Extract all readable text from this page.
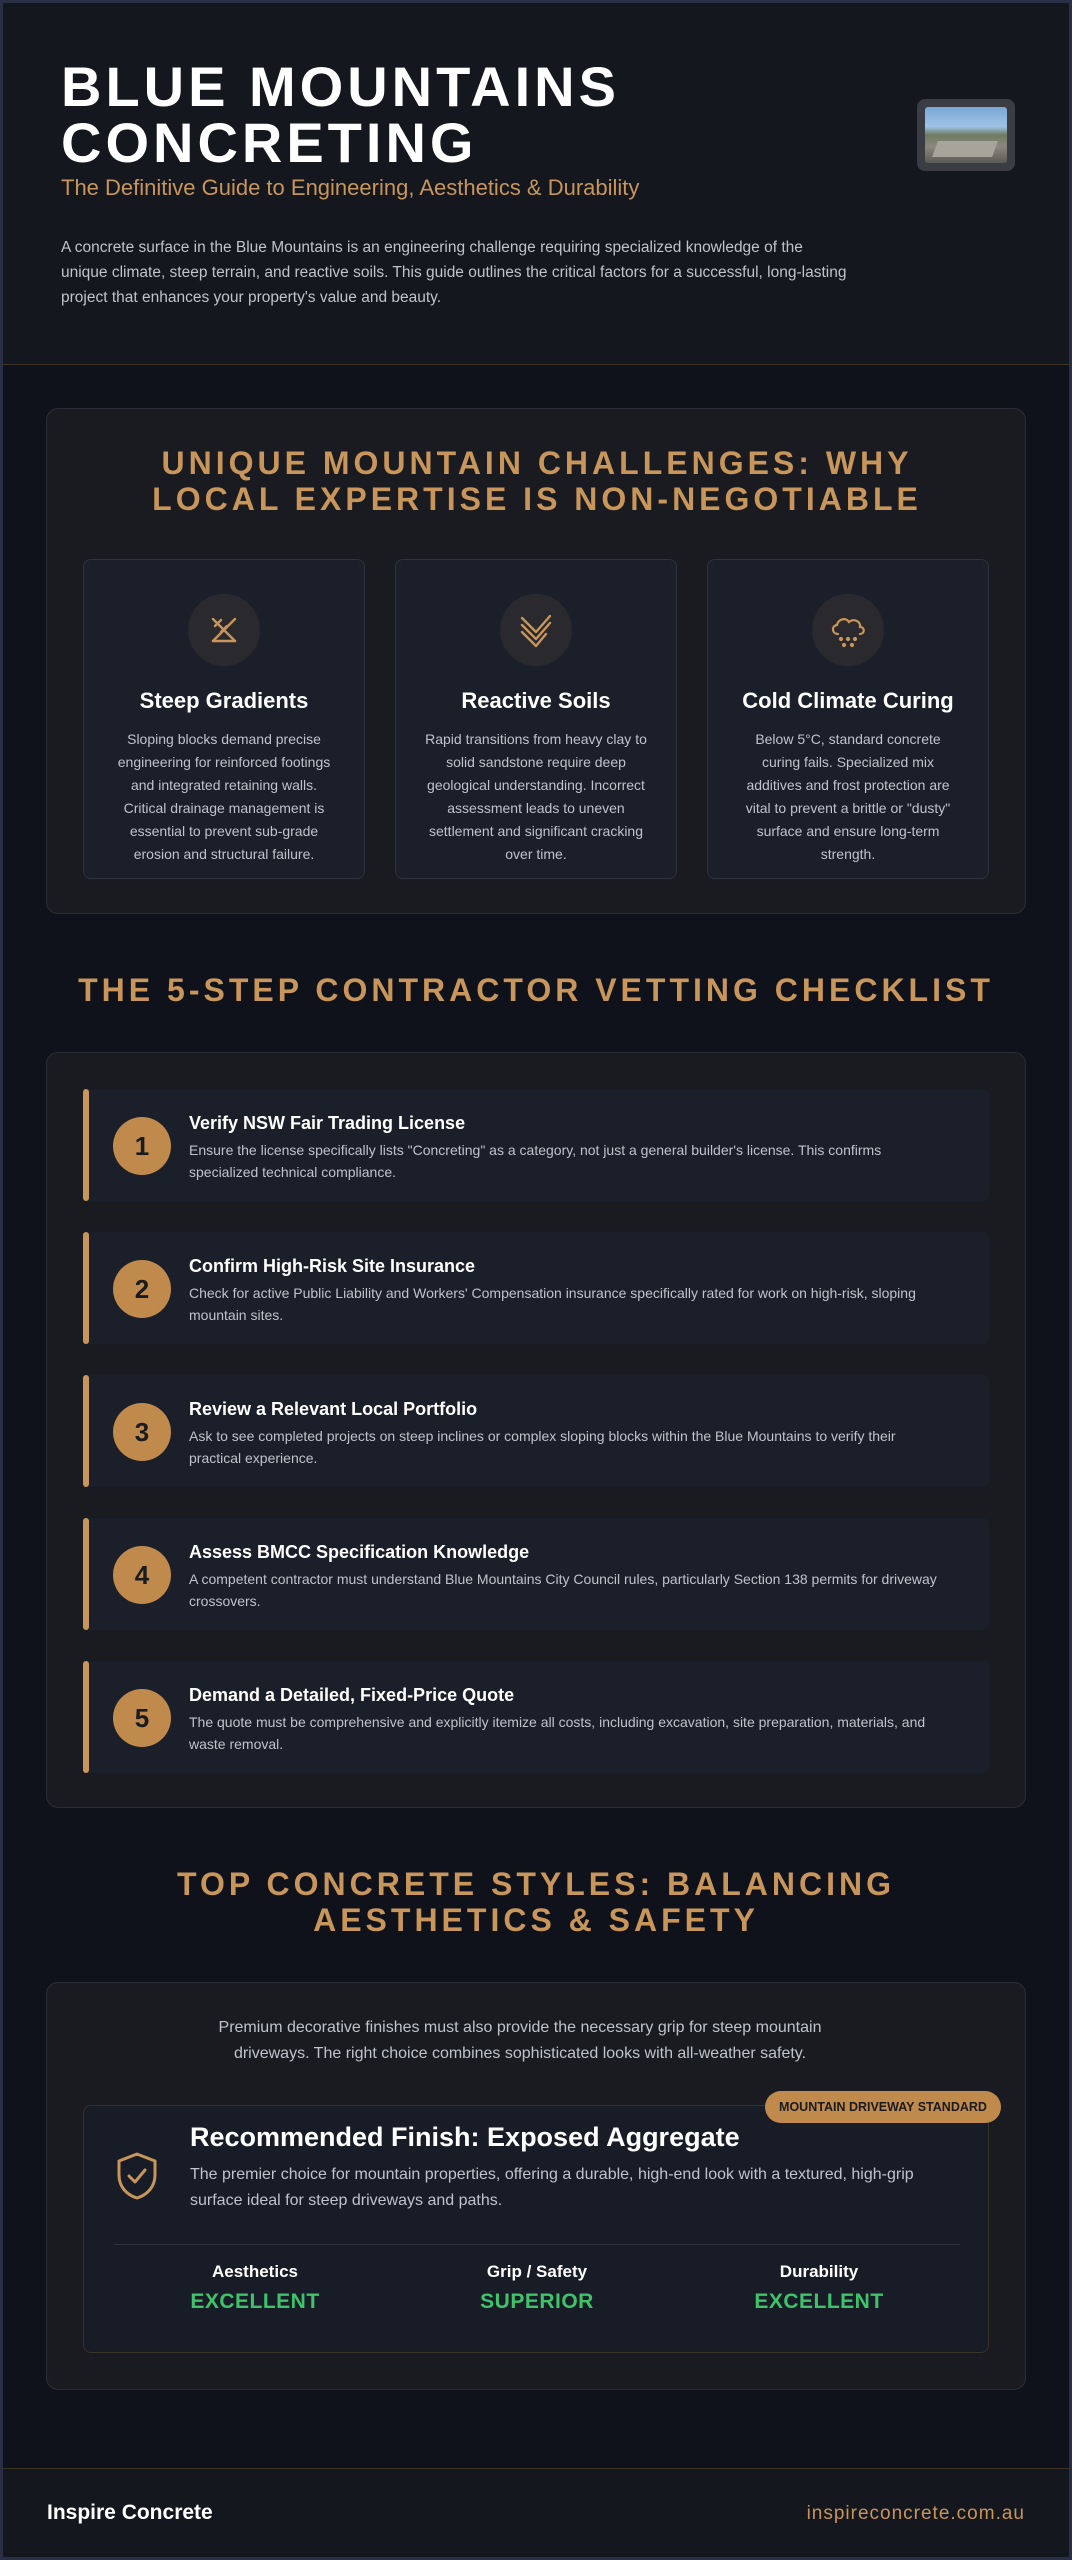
BLUE MOUNTAINS CONCRETING
The Definitive Guide to Engineering, Aesthetics & Durability

A concrete surface in the Blue Mountains is an engineering challenge requiring specialized knowledge of the unique climate, steep terrain, and reactive soils. This guide outlines the critical factors for a successful, long-lasting project that enhances your property's value and beauty.

UNIQUE MOUNTAIN CHALLENGES: WHY LOCAL EXPERTISE IS NON-NEGOTIABLE
Steep Gradients

Sloping blocks demand precise engineering for reinforced footings and integrated retaining walls. Critical drainage management is essential to prevent sub-grade erosion and structural failure.

Reactive Soils

Rapid transitions from heavy clay to solid sandstone require deep geological understanding. Incorrect assessment leads to uneven settlement and significant cracking over time.

Cold Climate Curing

Below 5°C, standard concrete curing fails. Specialized mix additives and frost protection are vital to prevent a brittle or "dusty" surface and ensure long-term strength.

THE 5-STEP CONTRACTOR VETTING CHECKLIST
1
Verify NSW Fair Trading License

Ensure the license specifically lists "Concreting" as a category, not just a general builder's license. This confirms specialized technical compliance.

2
Confirm High-Risk Site Insurance

Check for active Public Liability and Workers' Compensation insurance specifically rated for work on high-risk, sloping mountain sites.

3
Review a Relevant Local Portfolio

Ask to see completed projects on steep inclines or complex sloping blocks within the Blue Mountains to verify their practical experience.

4
Assess BMCC Specification Knowledge

A competent contractor must understand Blue Mountains City Council rules, particularly Section 138 permits for driveway crossovers.

5
Demand a Detailed, Fixed-Price Quote

The quote must be comprehensive and explicitly itemize all costs, including excavation, site preparation, materials, and waste removal.

TOP CONCRETE STYLES: BALANCING AESTHETICS & SAFETY

Premium decorative finishes must also provide the necessary grip for steep mountain driveways. The right choice combines sophisticated looks with all-weather safety.

Recommended Finish: Exposed Aggregate

The premier choice for mountain properties, offering a durable, high-end look with a textured, high-grip surface ideal for steep driveways and paths.

Aesthetics
EXCELLENT
Grip / Safety
SUPERIOR
Durability
EXCELLENT
MOUNTAIN DRIVEWAY STANDARD
Inspire Concrete	inspireconcrete.com.au
